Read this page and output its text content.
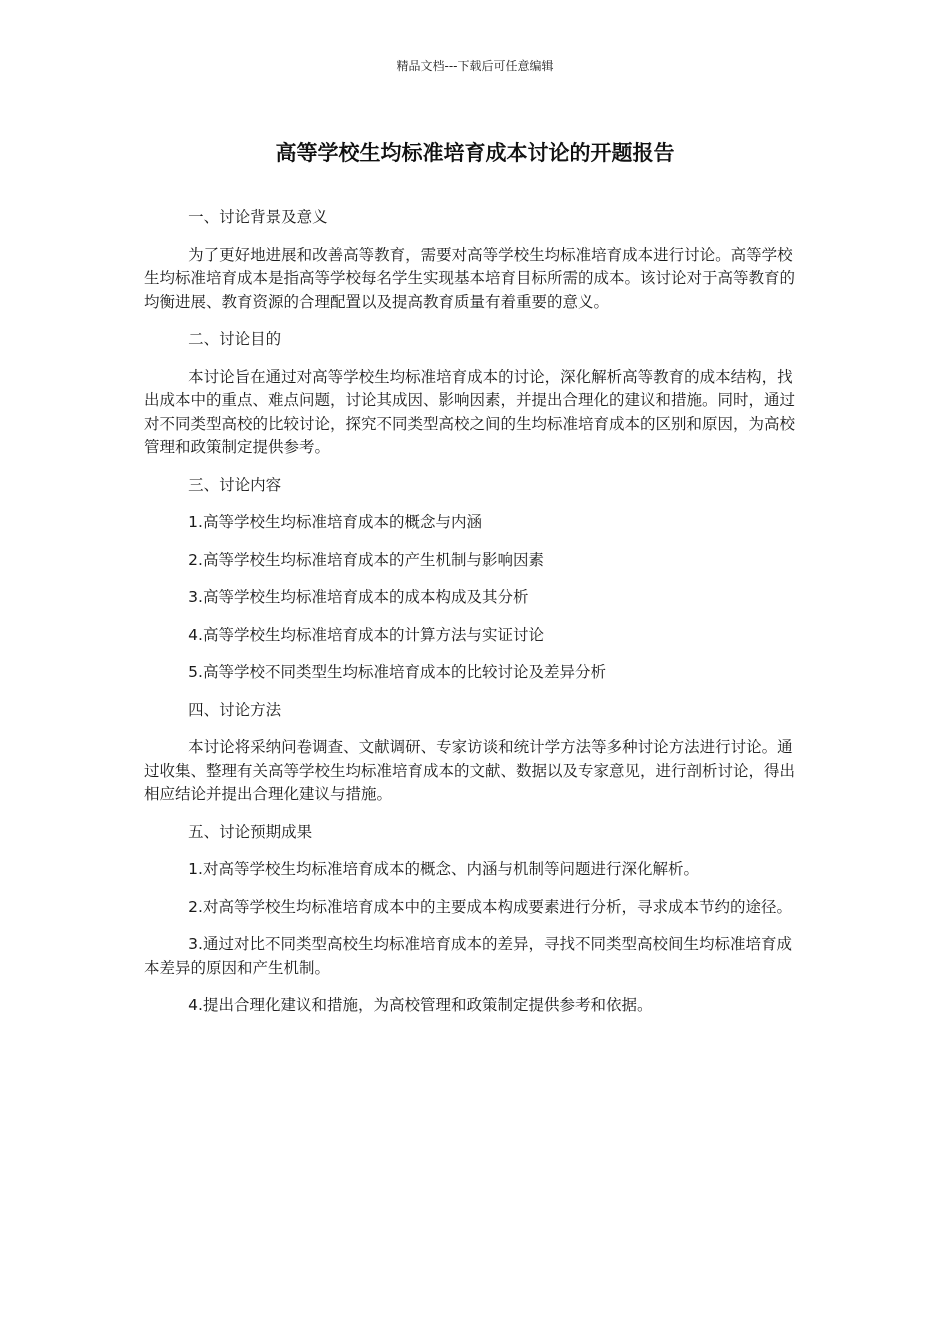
精品文档---下载后可任意编辑
高等学校生均标准培育成本讨论的开题报告

一、讨论背景及意义

为了更好地进展和改善高等教育，需要对高等学校生均标准培育成本进行讨论。高等学校生均标准培育成本是指高等学校每名学生实现基本培育目标所需的成本。该讨论对于高等教育的均衡进展、教育资源的合理配置以及提高教育质量有着重要的意义。

二、讨论目的

本讨论旨在通过对高等学校生均标准培育成本的讨论，深化解析高等教育的成本结构，找出成本中的重点、难点问题，讨论其成因、影响因素，并提出合理化的建议和措施。同时，通过对不同类型高校的比较讨论，探究不同类型高校之间的生均标准培育成本的区别和原因，为高校管理和政策制定提供参考。

三、讨论内容

1.高等学校生均标准培育成本的概念与内涵

2.高等学校生均标准培育成本的产生机制与影响因素

3.高等学校生均标准培育成本的成本构成及其分析

4.高等学校生均标准培育成本的计算方法与实证讨论

5.高等学校不同类型生均标准培育成本的比较讨论及差异分析

四、讨论方法

本讨论将采纳问卷调查、文献调研、专家访谈和统计学方法等多种讨论方法进行讨论。通过收集、整理有关高等学校生均标准培育成本的文献、数据以及专家意见，进行剖析讨论，得出相应结论并提出合理化建议与措施。

五、讨论预期成果

1.对高等学校生均标准培育成本的概念、内涵与机制等问题进行深化解析。

2.对高等学校生均标准培育成本中的主要成本构成要素进行分析，寻求成本节约的途径。

3.通过对比不同类型高校生均标准培育成本的差异，寻找不同类型高校间生均标准培育成本差异的原因和产生机制。

4.提出合理化建议和措施，为高校管理和政策制定提供参考和依据。
